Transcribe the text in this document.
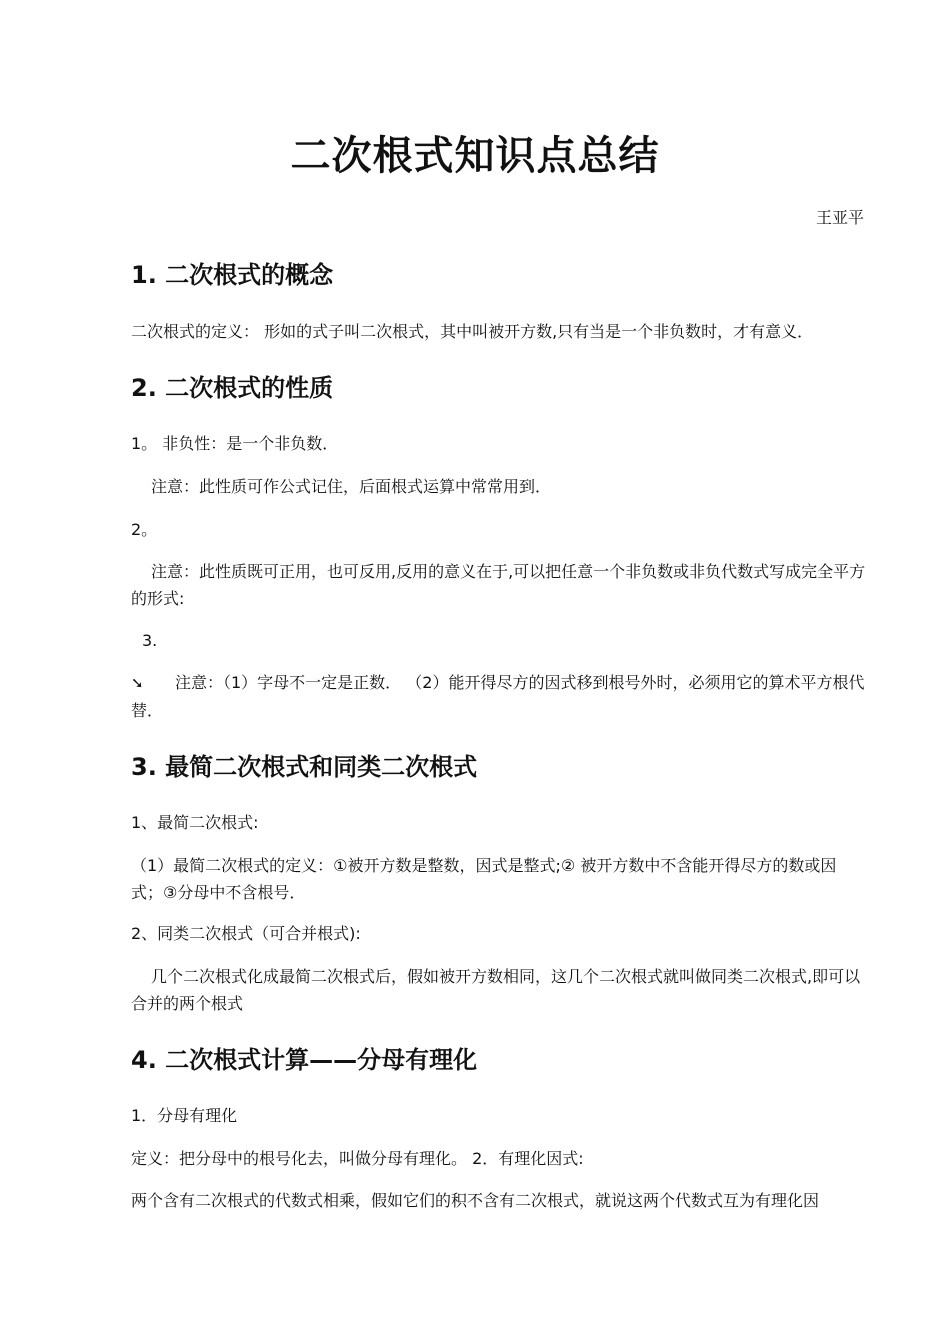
二次根式知识点总结
王亚平
1. 二次根式的概念
二次根式的定义： 形如的式子叫二次根式，其中叫被开方数,只有当是一个非负数时，才有意义．
2. 二次根式的性质
1。 非负性：是一个非负数．
注意：此性质可作公式记住，后面根式运算中常常用到．
2。
注意：此性质既可正用，也可反用,反用的意义在于,可以把任意一个非负数或非负代数式写成完全平方的形式:
3.
➘ 注意：（1）字母不一定是正数． （2）能开得尽方的因式移到根号外时，必须用它的算术平方根代替．
3. 最简二次根式和同类二次根式
1、最简二次根式:
（1）最简二次根式的定义：①被开方数是整数，因式是整式;② 被开方数中不含能开得尽方的数或因式；③分母中不含根号．
2、同类二次根式（可合并根式):
几个二次根式化成最简二次根式后，假如被开方数相同，这几个二次根式就叫做同类二次根式,即可以合并的两个根式
4. 二次根式计算——分母有理化
1．分母有理化
定义：把分母中的根号化去，叫做分母有理化。 2．有理化因式:
两个含有二次根式的代数式相乘，假如它们的积不含有二次根式，就说这两个代数式互为有理化因
